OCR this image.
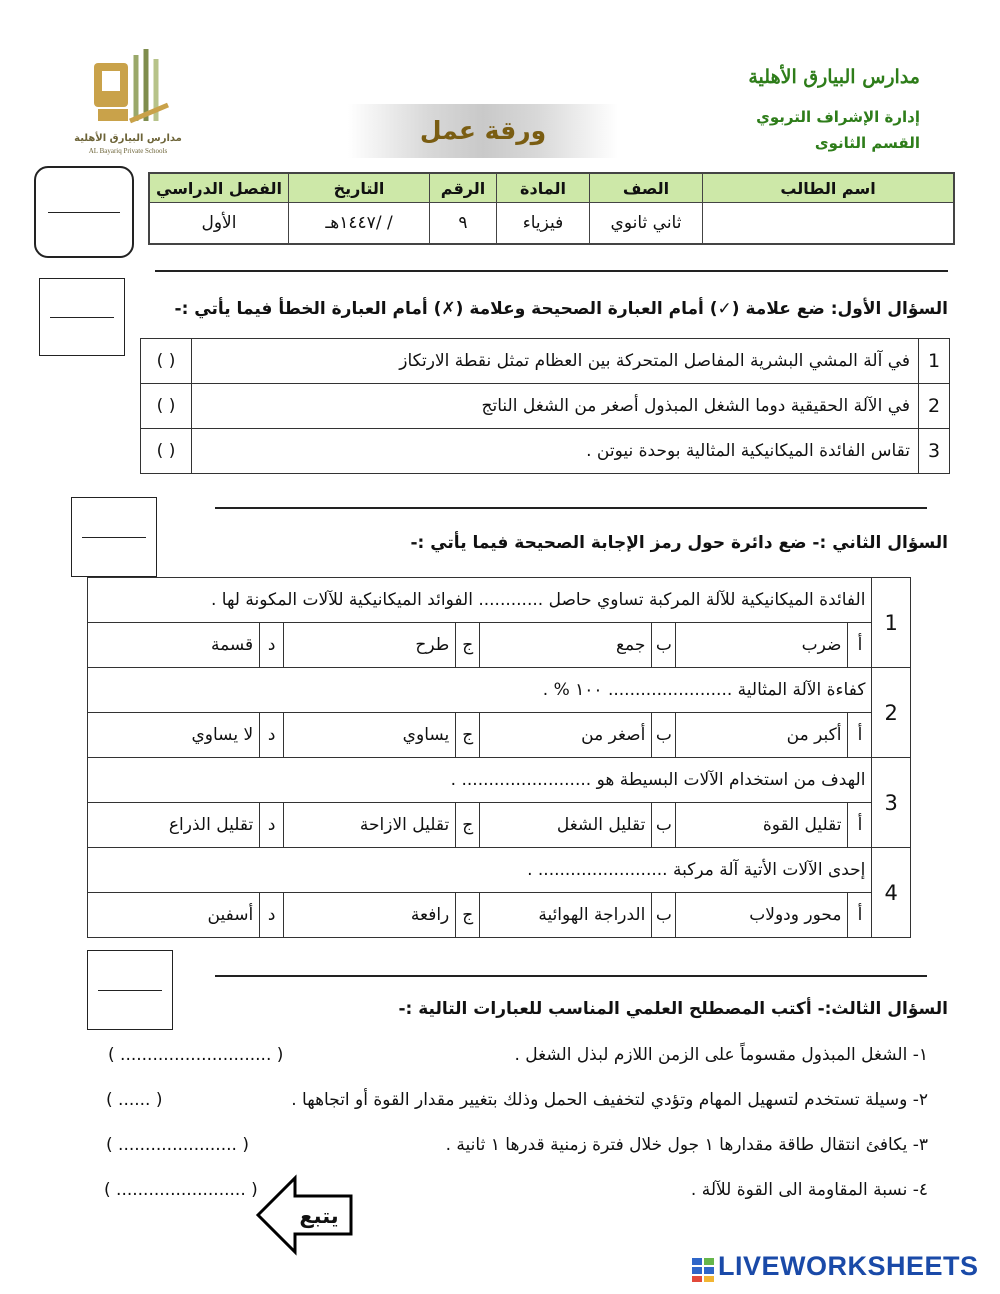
مدارس البيارق الأهلية
AL Bayariq Private Schools
مدارس البيارق الأهلية
إدارة الإشراف التربوي
القسم الثانوى
ورقة عمل
اسم الطالب	الصف	المادة	الرقم	التاريخ	الفصل الدراسي
	ثاني ثانوي	فيزياء	٩	/ /١٤٤٧هـ	الأول
السؤال الأول: ضع علامة (✓) أمام العبارة الصحيحة وعلامة (✗) أمام العبارة الخطأ فيما يأتي :-
1	في آلة المشي البشرية المفاصل المتحركة بين العظام تمثل نقطة الارتكاز	( )
2	في الآلة الحقيقية دوما الشغل المبذول أصغر من الشغل الناتج	( )
3	تقاس الفائدة الميكانيكية المثالية بوحدة نيوتن .	( )
السؤال الثاني :- ضع دائرة حول رمز الإجابة الصحيحة فيما يأتي :-
1	الفائدة الميكانيكية للآلة المركبة تساوي حاصل ............ الفوائد الميكانيكية للآلات المكونة لها .							
	أ	ضرب	ب	جمع	ج	طرح	د	قسمة
2	كفاءة الآلة المثالية ....................... ١٠٠ % .							
	أ	أكبر من	ب	أصغر من	ج	يساوي	د	لا يساوي
3	الهدف من استخدام الآلات البسيطة هو ........................ .							
	أ	تقليل القوة	ب	تقليل الشغل	ج	تقليل الازاحة	د	تقليل الذراع
4	إحدى الآلات الأتية آلة مركبة ........................ .							
	أ	محور ودولاب	ب	الدراجة الهوائية	ج	رافعة	د	أسفين
السؤال الثالث:- أكتب المصطلح العلمي المناسب للعبارات التالية :-
١- الشغل المبذول مقسوماً على الزمن اللازم لبذل الشغل .
( ............................ )
٢- وسيلة تستخدم لتسهيل المهام وتؤدي لتخفيف الحمل وذلك بتغيير مقدار القوة أو اتجاهها .
( ...... )
٣- يكافئ انتقال طاقة مقدارها ١ جول خلال فترة زمنية قدرها ١ ثانية .
( ...................... )
٤- نسبة المقاومة الى القوة للآلة .
( ........................ )
يتبع
LIVEWORKSHEETS
